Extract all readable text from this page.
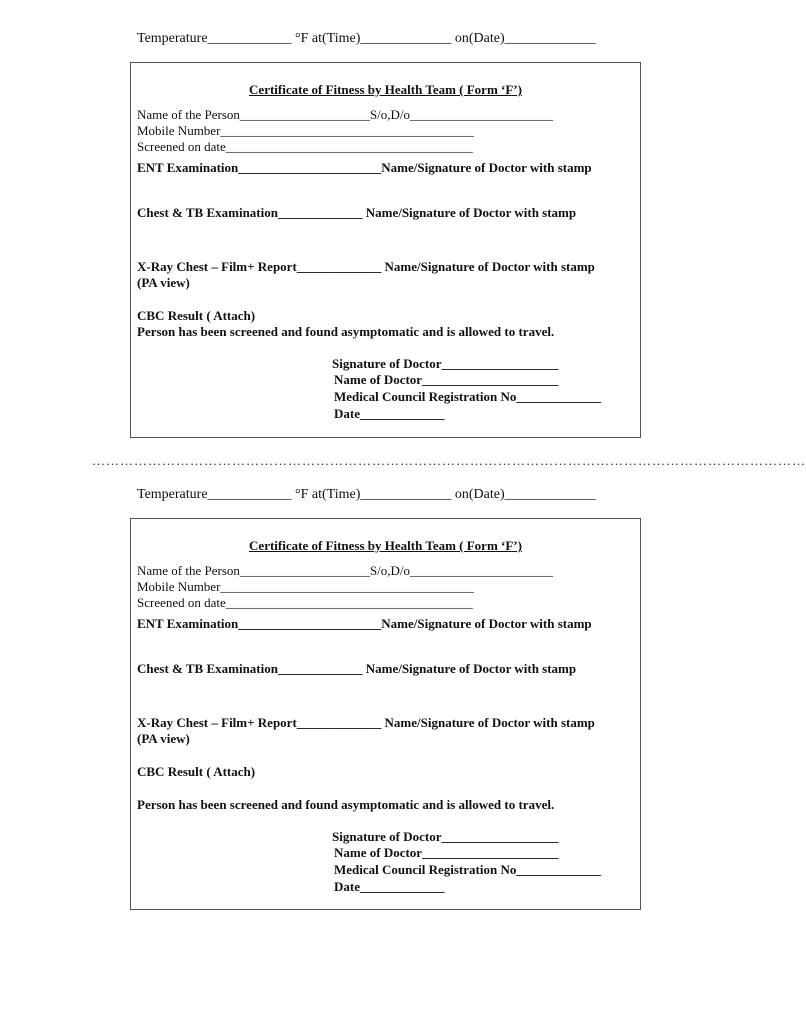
Temperature____________ °F at(Time)_____________ on(Date)_____________
Certificate of Fitness by Health Team ( Form ‘F’)
Name of the Person____________________S/o,D/o______________________
Mobile Number_______________________________________
Screened on date______________________________________
ENT Examination______________________Name/Signature of Doctor with stamp
Chest & TB Examination_____________ Name/Signature of Doctor with stamp
X-Ray Chest – Film+ Report_____________ Name/Signature of Doctor with stamp
(PA view)
CBC Result ( Attach)
Person has been screened and found asymptomatic and is allowed to travel.
Signature of Doctor__________________
Name of Doctor_____________________
Medical Council Registration No_____________
Date_____________
………………………………………………………………………………………………………………………………………
Temperature____________ °F at(Time)_____________ on(Date)_____________
Certificate of Fitness by Health Team ( Form ‘F’)
Name of the Person____________________S/o,D/o______________________
Mobile Number_______________________________________
Screened on date______________________________________
ENT Examination______________________Name/Signature of Doctor with stamp
Chest & TB Examination_____________ Name/Signature of Doctor with stamp
X-Ray Chest – Film+ Report_____________ Name/Signature of Doctor with stamp
(PA view)
CBC Result ( Attach)
Person has been screened and found asymptomatic and is allowed to travel.
Signature of Doctor__________________
Name of Doctor_____________________
Medical Council Registration No_____________
Date_____________
